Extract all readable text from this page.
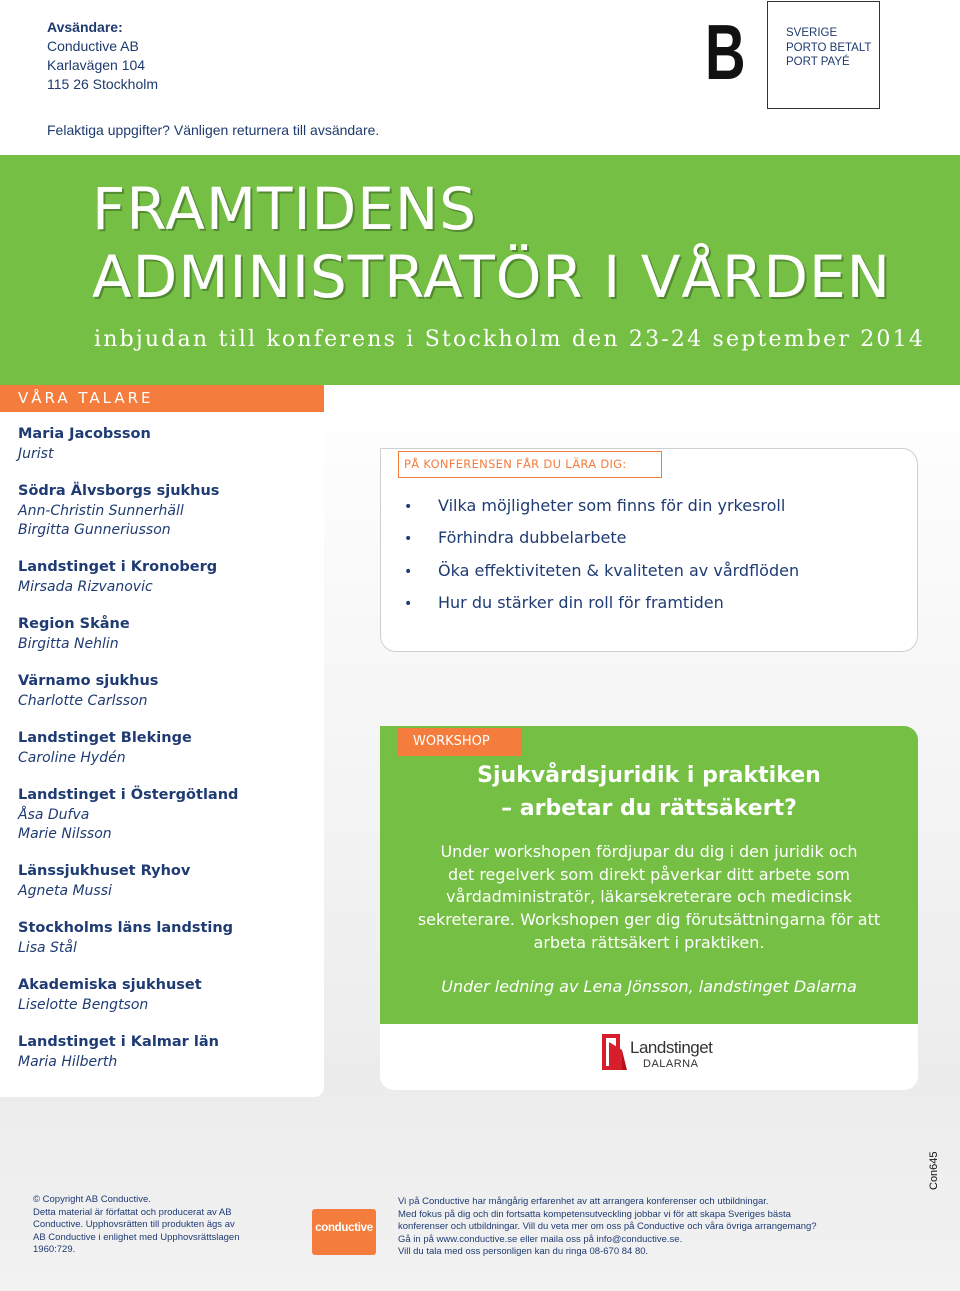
Avsändare:
Conductive AB
Karlavägen 104
115 26 Stockholm	B	SVERIGE
PORTO BETALT
PORT PAYÉ
Felaktiga uppgifter? Vänligen returnera till avsändare.
FRAMTIDENS
ADMINISTRATÖR I VÅRDEN
inbjudan till konferens i Stockholm den 23-24 september 2014
VÅRA TALARE
Maria Jacobsson
Jurist
Södra Älvsborgs sjukhus
Ann-Christin Sunnerhäll
Birgitta Gunneriusson
Landstinget i Kronoberg
Mirsada Rizvanovic
Region Skåne
Birgitta Nehlin
Värnamo sjukhus
Charlotte Carlsson
Landstinget Blekinge
Caroline Hydén
Landstinget i Östergötland
Åsa Dufva
Marie Nilsson
Länssjukhuset Ryhov
Agneta Mussi
Stockholms läns landsting
Lisa Stål
Akademiska sjukhuset
Liselotte Bengtson
Landstinget i Kalmar län
Maria Hilberth
PÅ KONFERENSEN FÅR DU LÄRA DIG:
• Vilka möjligheter som finns för din yrkesroll
• Förhindra dubbelarbete
• Öka effektiviteten & kvaliteten av vårdflöden
• Hur du stärker din roll för framtiden
WORKSHOP
Sjukvårdsjuridik i praktiken
– arbetar du rättsäkert?
Under workshopen fördjupar du dig i den juridik och
det regelverk som direkt påverkar ditt arbete som
vårdadministratör, läkarsekreterare och medicinsk
sekreterare. Workshopen ger dig förutsättningarna för att
arbeta rättsäkert i praktiken.
Under ledning av Lena Jönsson, landstinget Dalarna
Landstinget
DALARNA
© Copyright AB Conductive.
Detta material är författat och producerat av AB
Conductive. Upphovsrätten till produkten ägs av
AB Conductive i enlighet med Upphovsrättslagen
1960:729.
conductive
Vi på Conductive har mångårig erfarenhet av att arrangera konferenser och utbildningar.
Med fokus på dig och din fortsatta kompetensutveckling jobbar vi för att skapa Sveriges bästa
konferenser och utbildningar. Vill du veta mer om oss på Conductive och våra övriga arrangemang?
Gå in på www.conductive.se eller maila oss på info@conductive.se.
Vill du tala med oss personligen kan du ringa 08-670 84 80.
Con645
